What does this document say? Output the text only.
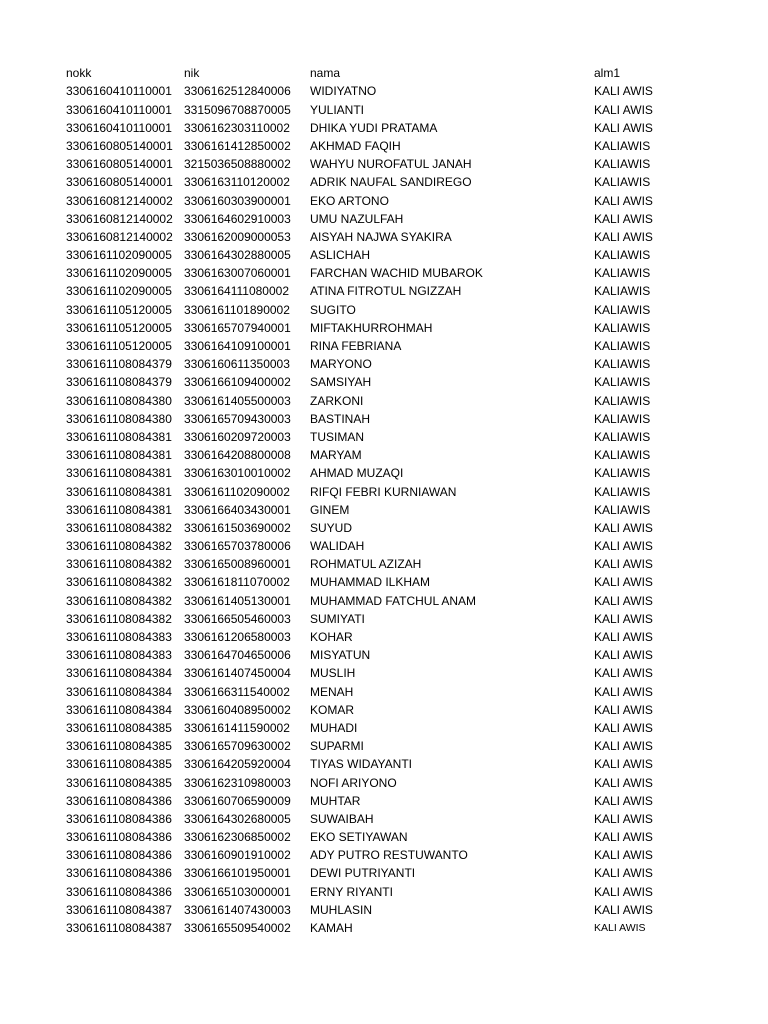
nokk	nik	nama	alm1
3306160410110001 3306162512840006 WIDIYATNO	KALI AWIS
3306160410110001 3315096708870005 YULIANTI	KALI AWIS
3306160410110001 3306162303110002 DHIKA YUDI PRATAMA	KALI AWIS
3306160805140001 3306161412850002 AKHMAD FAQIH	KALIAWIS
3306160805140001 3215036508880002 WAHYU NUROFATUL JANAH	KALIAWIS
3306160805140001 3306163110120002 ADRIK NAUFAL SANDIREGO	KALIAWIS
3306160812140002 3306160303900001 EKO ARTONO	KALI AWIS
3306160812140002 3306164602910003 UMU NAZULFAH	KALI AWIS
3306160812140002 3306162009000053 AISYAH NAJWA SYAKIRA	KALI AWIS
3306161102090005 3306164302880005 ASLICHAH	KALIAWIS
3306161102090005 3306163007060001 FARCHAN WACHID MUBAROK	KALIAWIS
3306161102090005 3306164111080002 ATINA FITROTUL NGIZZAH	KALIAWIS
3306161105120005 3306161101890002 SUGITO	KALIAWIS
3306161105120005 3306165707940001 MIFTAKHURROHMAH	KALIAWIS
3306161105120005 3306164109100001 RINA FEBRIANA	KALIAWIS
3306161108084379 3306160611350003 MARYONO	KALIAWIS
3306161108084379 3306166109400002 SAMSIYAH	KALIAWIS
3306161108084380 3306161405500003 ZARKONI	KALIAWIS
3306161108084380 3306165709430003 BASTINAH	KALIAWIS
3306161108084381 3306160209720003 TUSIMAN	KALIAWIS
3306161108084381 3306164208800008 MARYAM	KALIAWIS
3306161108084381 3306163010010002 AHMAD MUZAQI	KALIAWIS
3306161108084381 3306161102090002 RIFQI FEBRI KURNIAWAN	KALIAWIS
3306161108084381 3306166403430001 GINEM	KALIAWIS
3306161108084382 3306161503690002 SUYUD	KALI AWIS
3306161108084382 3306165703780006 WALIDAH	KALI AWIS
3306161108084382 3306165008960001 ROHMATUL AZIZAH	KALI AWIS
3306161108084382 3306161811070002 MUHAMMAD ILKHAM	KALI AWIS
3306161108084382 3306161405130001 MUHAMMAD FATCHUL ANAM	KALI AWIS
3306161108084382 3306166505460003 SUMIYATI	KALI AWIS
3306161108084383 3306161206580003 KOHAR	KALI AWIS
3306161108084383 3306164704650006 MISYATUN	KALI AWIS
3306161108084384 3306161407450004 MUSLIH	KALI AWIS
3306161108084384 3306166311540002 MENAH	KALI AWIS
3306161108084384 3306160408950002 KOMAR	KALI AWIS
3306161108084385 3306161411590002 MUHADI	KALI AWIS
3306161108084385 3306165709630002 SUPARMI	KALI AWIS
3306161108084385 3306164205920004 TIYAS WIDAYANTI	KALI AWIS
3306161108084385 3306162310980003 NOFI ARIYONO	KALI AWIS
3306161108084386 3306160706590009 MUHTAR	KALI AWIS
3306161108084386 3306164302680005 SUWAIBAH	KALI AWIS
3306161108084386 3306162306850002 EKO SETIYAWAN	KALI AWIS
3306161108084386 3306160901910002 ADY PUTRO RESTUWANTO	KALI AWIS
3306161108084386 3306166101950001 DEWI PUTRIYANTI	KALI AWIS
3306161108084386 3306165103000001 ERNY RIYANTI	KALI AWIS
3306161108084387 3306161407430003 MUHLASIN	KALI AWIS
3306161108084387 3306165509540002 KAMAH	KALI AWIS
